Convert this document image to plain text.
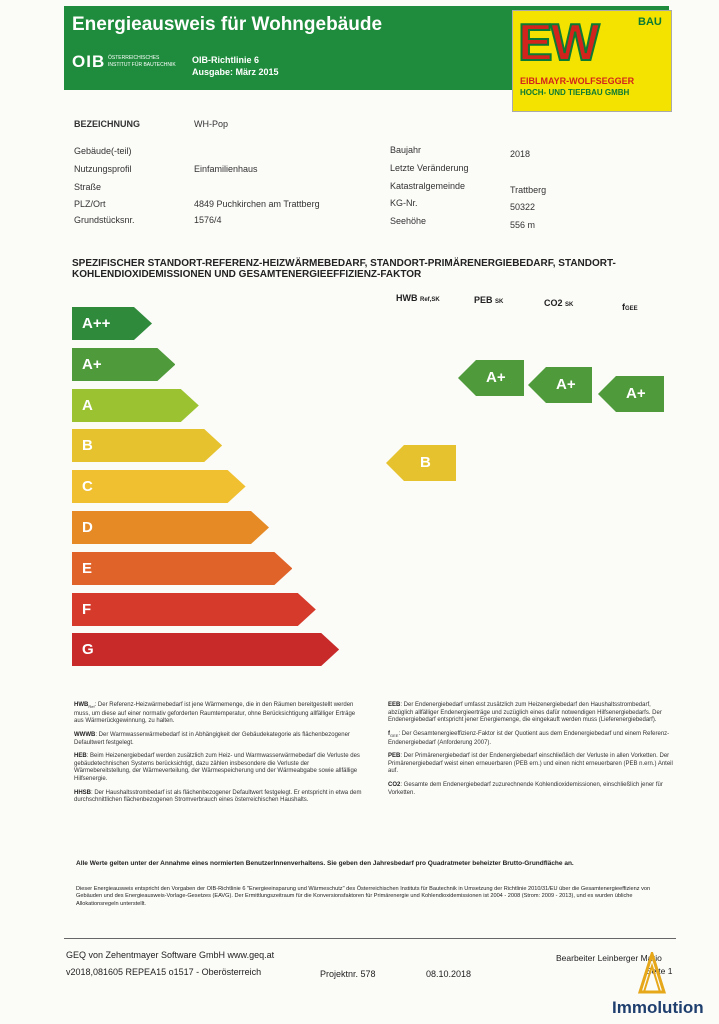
Energieausweis für Wohngebäude
OIB ÖSTERREICHISCHES
INSTITUT FÜR BAUTECHNIK OIB-Richtlinie 6
Ausgabe: März 2015	EW	BAU
EIBLMAYR-WOLFSEGGER
HOCH- UND TIEFBAU GMBH
BEZEICHNUNG	WH-Pop
Gebäude(-teil)
Nutzungsprofil	Einfamilienhaus
Straße
PLZ/Ort	4849 Puchkirchen am Trattberg
Grundstücksnr.	1576/4
Baujahr	2018
Letzte Veränderung
Katastralgemeinde	Trattberg
KG-Nr.	50322
Seehöhe	556 m
SPEZIFISCHER STANDORT-REFERENZ-HEIZWÄRMEBEDARF, STANDORT-PRIMÄRENERGIEBEDARF, STANDORT-KOHLENDIOXIDEMISSIONEN UND GESAMTENERGIEEFFIZIENZ-FAKTOR
HWB Ref,SK	PEB SK	CO2 SK	fGEE
A++
A+
A
B
C
D
E
F
G
B
A+	A+
A+

$HWB_{Ref}$: Der Referenz-Heizwärmebedarf ist jene Wärmemenge, die in den Räumen bereitgestellt werden muss, um diese auf einer normativ geforderten Raumtemperatur, ohne Berücksichtigung allfälliger Erträge aus Wärmerückgewinnung, zu halten.

WWWB: Der Warmwasserwärmebedarf ist in Abhängigkeit der Gebäudekategorie als flächenbezogener Defaultwert festgelegt.

HEB: Beim Heizenergiebedarf werden zusätzlich zum Heiz- und Warmwasserwärmebedarf die Verluste des gebäudetechnischen Systems berücksichtigt, dazu zählen insbesondere die Verluste der Wärmebereitstellung, der Wärmeverteilung, der Wärmespeicherung und der Wärmeabgabe sowie allfällige Hilfsenergie.

HHSB: Der Haushaltsstrombedarf ist als flächenbezogener Defaultwert festgelegt. Er entspricht in etwa dem durchschnittlichen flächenbezogenen Stromverbrauch eines österreichischen Haushalts.

EEB: Der Endenergiebedarf umfasst zusätzlich zum Heizenergiebedarf den Haushaltsstrombedarf, abzüglich allfälliger Endenergieerträge und zuzüglich eines dafür notwendigen Hilfsenergiebedarfs. Der Endenergiebedarf entspricht jener Energiemenge, die eingekauft werden muss (Lieferenergiebedarf).

$f_{GEE}$: Der Gesamtenergieeffizienz-Faktor ist der Quotient aus dem Endenergiebedarf und einem Referenz-Endenergiebedarf (Anforderung 2007).

PEB: Der Primärenergiebedarf ist der Endenergiebedarf einschließlich der Verluste in allen Vorketten. Der Primärenergiebedarf weist einen erneuerbaren (PEB ern.) und einen nicht erneuerbaren (PEB n.ern.) Anteil auf.

CO2: Gesamte dem Endenergiebedarf zuzurechnende Kohlendioxidemissionen, einschließlich jener für Vorketten.

Alle Werte gelten unter der Annahme eines normierten BenutzerInnenverhaltens. Sie geben den Jahresbedarf pro Quadratmeter beheizter Brutto-Grundfläche an.
Dieser Energieausweis entspricht den Vorgaben der OIB-Richtlinie 6 "Energieeinsparung und Wärmeschutz" des Österreichischen Instituts für Bautechnik in Umsetzung der Richtlinie 2010/31/EU über die Gesamtenergieeffizienz von Gebäuden und des Energieausweis-Vorlage-Gesetzes (EAVG). Der Ermittlungszeitraum für die Konversionsfaktoren für Primärenergie und Kohlendioxidemissionen ist 2004 - 2008 (Strom: 2009 - 2013), und es wurden übliche Allokationsregeln unterstellt.
GEQ von Zehentmayer Software GmbH www.geq.at
v2018,081605 REPEA15 o1517 - Oberösterreich	Projektnr. 578	08.10.2018
Bearbeiter Leinberger Mario
Seite 1
Immolution
